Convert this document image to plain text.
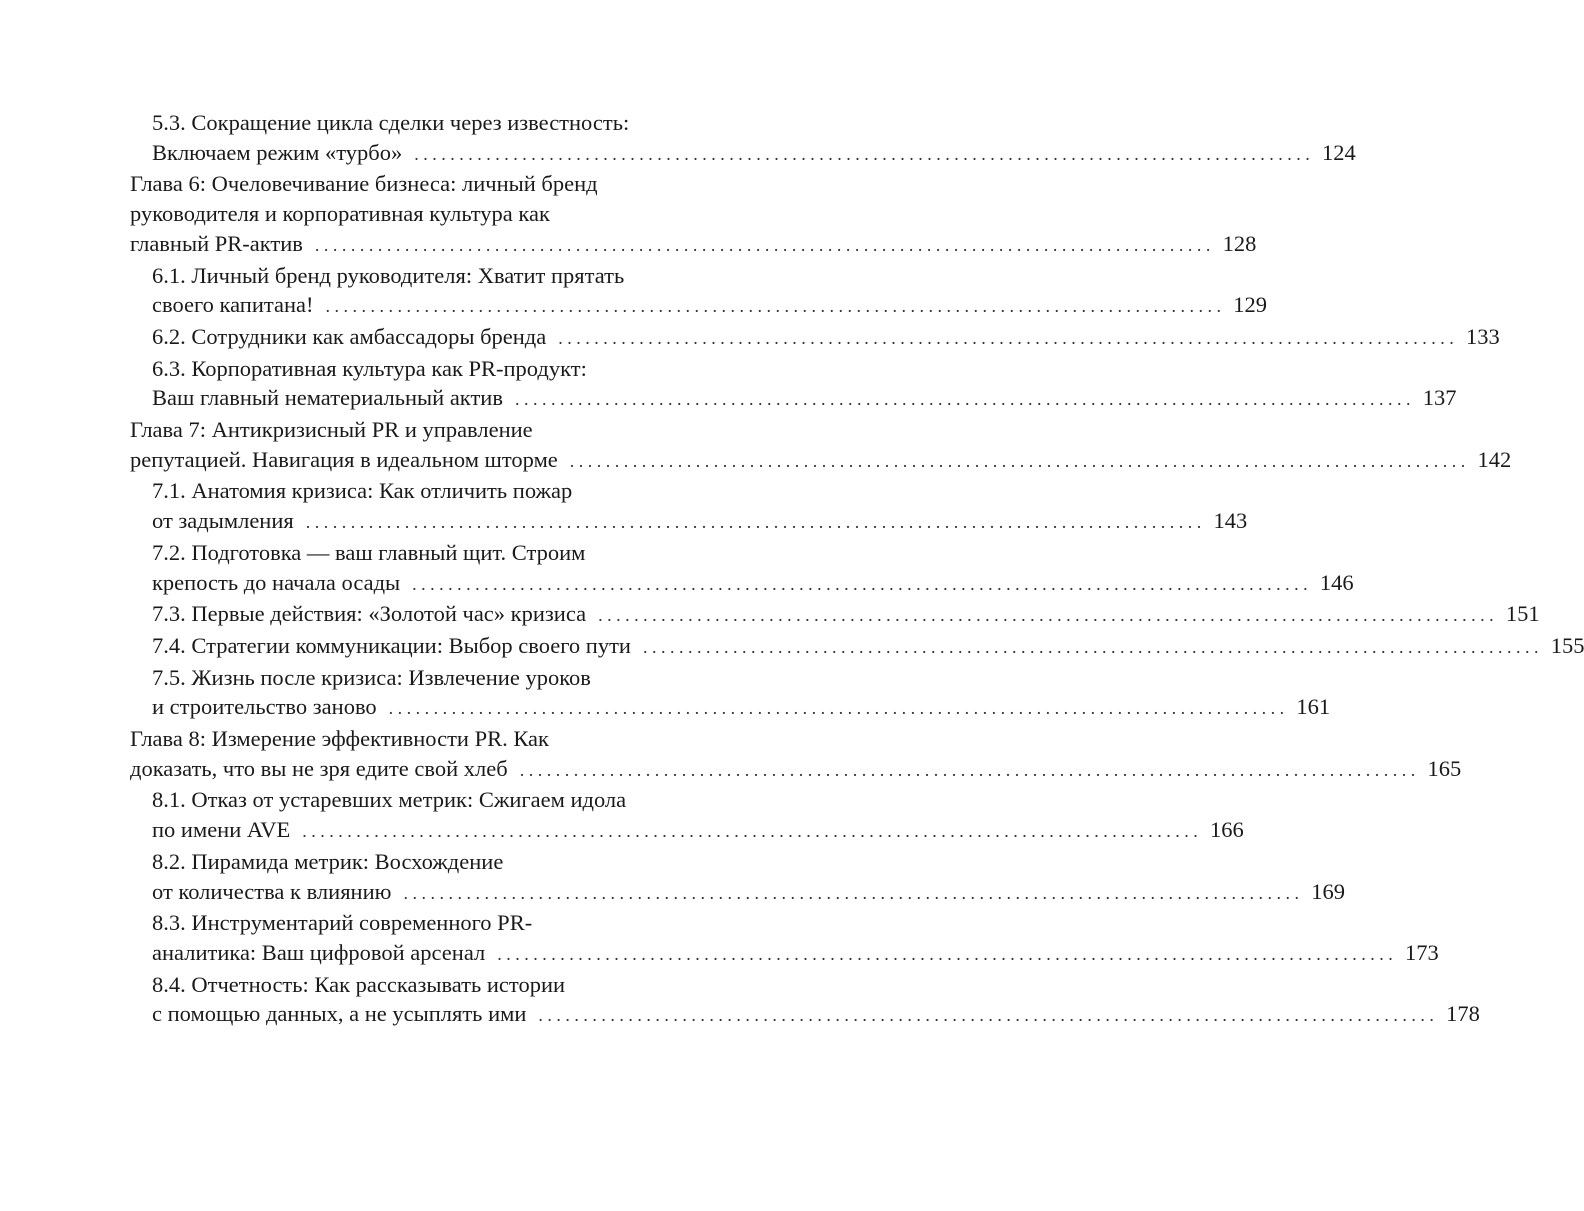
5.3. Сокращение цикла сделки через известность:
Включаем режим «турбо» . . .	124
Глава 6: Очеловечивание бизнеса: личный бренд
руководителя и корпоративная культура как
главный PR-актив . . .	128
6.1. Личный бренд руководителя: Хватит прятать
своего капитана! . . .	129
6.2. Сотрудники как амбассадоры бренда . . .	133
6.3. Корпоративная культура как PR-продукт:
Ваш главный нематериальный актив . . .	137
Глава 7: Антикризисный PR и управление
репутацией. Навигация в идеальном шторме . . .	142
7.1. Анатомия кризиса: Как отличить пожар
от задымления . . .	143
7.2. Подготовка — ваш главный щит. Строим
крепость до начала осады . . .	146
7.3. Первые действия: «Золотой час» кризиса . . .	151
7.4. Стратегии коммуникации: Выбор своего пути . . .	155
7.5. Жизнь после кризиса: Извлечение уроков
и строительство заново . . .	161
Глава 8: Измерение эффективности PR. Как
доказать, что вы не зря едите свой хлеб . . .	165
8.1. Отказ от устаревших метрик: Сжигаем идола
по имени AVE . . .	166
8.2. Пирамида метрик: Восхождение
от количества к влиянию . . .	169
8.3. Инструментарий современного PR-
аналитика: Ваш цифровой арсенал . . .	173
8.4. Отчетность: Как рассказывать истории
с помощью данных, а не усыплять ими . . .	178
